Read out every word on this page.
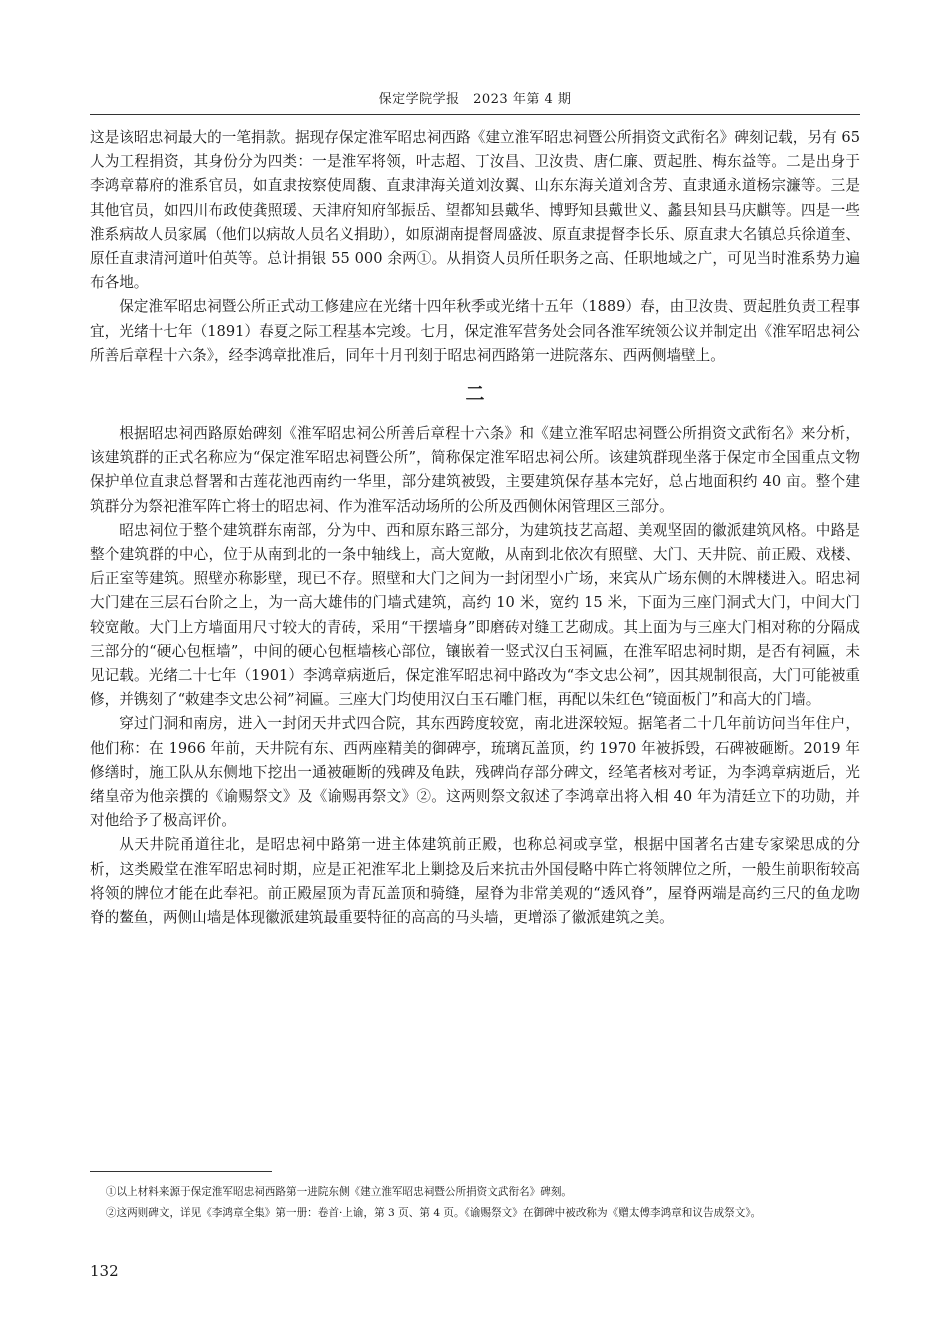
保定学院学报　2023 年第 4 期

这是该昭忠祠最大的一笔捐款。据现存保定淮军昭忠祠西路《建立淮军昭忠祠暨公所捐资文武衔名》碑刻记载，另有 65 人为工程捐资，其身份分为四类：一是淮军将领，叶志超、丁汝昌、卫汝贵、唐仁廉、贾起胜、梅东益等。二是出身于李鸿章幕府的淮系官员，如直隶按察使周馥、直隶津海关道刘汝翼、山东东海关道刘含芳、直隶通永道杨宗濂等。三是其他官员，如四川布政使龚照瑗、天津府知府邹振岳、望都知县戴华、博野知县戴世义、蠡县知县马庆麒等。四是一些淮系病故人员家属（他们以病故人员名义捐助），如原湖南提督周盛波、原直隶提督李长乐、原直隶大名镇总兵徐道奎、原任直隶清河道叶伯英等。总计捐银 55 000 余两①。从捐资人员所任职务之高、任职地域之广，可见当时淮系势力遍布各地。

保定淮军昭忠祠暨公所正式动工修建应在光绪十四年秋季或光绪十五年（1889）春，由卫汝贵、贾起胜负责工程事宜，光绪十七年（1891）春夏之际工程基本完竣。七月，保定淮军营务处会同各淮军统领公议并制定出《淮军昭忠祠公所善后章程十六条》，经李鸿章批准后，同年十月刊刻于昭忠祠西路第一进院落东、西两侧墙壁上。

二

根据昭忠祠西路原始碑刻《淮军昭忠祠公所善后章程十六条》和《建立淮军昭忠祠暨公所捐资文武衔名》来分析，该建筑群的正式名称应为“保定淮军昭忠祠暨公所”，简称保定淮军昭忠祠公所。该建筑群现坐落于保定市全国重点文物保护单位直隶总督署和古莲花池西南约一华里，部分建筑被毁，主要建筑保存基本完好，总占地面积约 40 亩。整个建筑群分为祭祀淮军阵亡将士的昭忠祠、作为淮军活动场所的公所及西侧休闲管理区三部分。

昭忠祠位于整个建筑群东南部，分为中、西和原东路三部分，为建筑技艺高超、美观坚固的徽派建筑风格。中路是整个建筑群的中心，位于从南到北的一条中轴线上，高大宽敞，从南到北依次有照壁、大门、天井院、前正殿、戏楼、后正室等建筑。照壁亦称影壁，现已不存。照壁和大门之间为一封闭型小广场，来宾从广场东侧的木牌楼进入。昭忠祠大门建在三层石台阶之上，为一高大雄伟的门墙式建筑，高约 10 米，宽约 15 米，下面为三座门洞式大门，中间大门较宽敞。大门上方墙面用尺寸较大的青砖，采用“干摆墙身”即磨砖对缝工艺砌成。其上面为与三座大门相对称的分隔成三部分的“硬心包框墙”，中间的硬心包框墙核心部位，镶嵌着一竖式汉白玉祠匾，在淮军昭忠祠时期，是否有祠匾，未见记载。光绪二十七年（1901）李鸿章病逝后，保定淮军昭忠祠中路改为“李文忠公祠”，因其规制很高，大门可能被重修，并镌刻了“敕建李文忠公祠”祠匾。三座大门均使用汉白玉石雕门框，再配以朱红色“镜面板门”和高大的门墙。

穿过门洞和南房，进入一封闭天井式四合院，其东西跨度较宽，南北进深较短。据笔者二十几年前访问当年住户，他们称：在 1966 年前，天井院有东、西两座精美的御碑亭，琉璃瓦盖顶，约 1970 年被拆毁，石碑被砸断。2019 年修缮时，施工队从东侧地下挖出一通被砸断的残碑及龟趺，残碑尚存部分碑文，经笔者核对考证，为李鸿章病逝后，光绪皇帝为他亲撰的《谕赐祭文》及《谕赐再祭文》②。这两则祭文叙述了李鸿章出将入相 40 年为清廷立下的功勋，并对他给予了极高评价。

从天井院甬道往北，是昭忠祠中路第一进主体建筑前正殿，也称总祠或享堂，根据中国著名古建专家梁思成的分析，这类殿堂在淮军昭忠祠时期，应是正祀淮军北上剿捻及后来抗击外国侵略中阵亡将领牌位之所，一般生前职衔较高将领的牌位才能在此奉祀。前正殿屋顶为青瓦盖顶和骑缝，屋脊为非常美观的“透风脊”，屋脊两端是高约三尺的鱼龙吻脊的鳌鱼，两侧山墙是体现徽派建筑最重要特征的高高的马头墙，更增添了徽派建筑之美。

①以上材料来源于保定淮军昭忠祠西路第一进院东侧《建立淮军昭忠祠暨公所捐资文武衔名》碑刻。

②这两则碑文，详见《李鸿章全集》第一册：卷首·上谕，第 3 页、第 4 页。《谕赐祭文》在御碑中被改称为《赠太傅李鸿章和议告成祭文》。

132
